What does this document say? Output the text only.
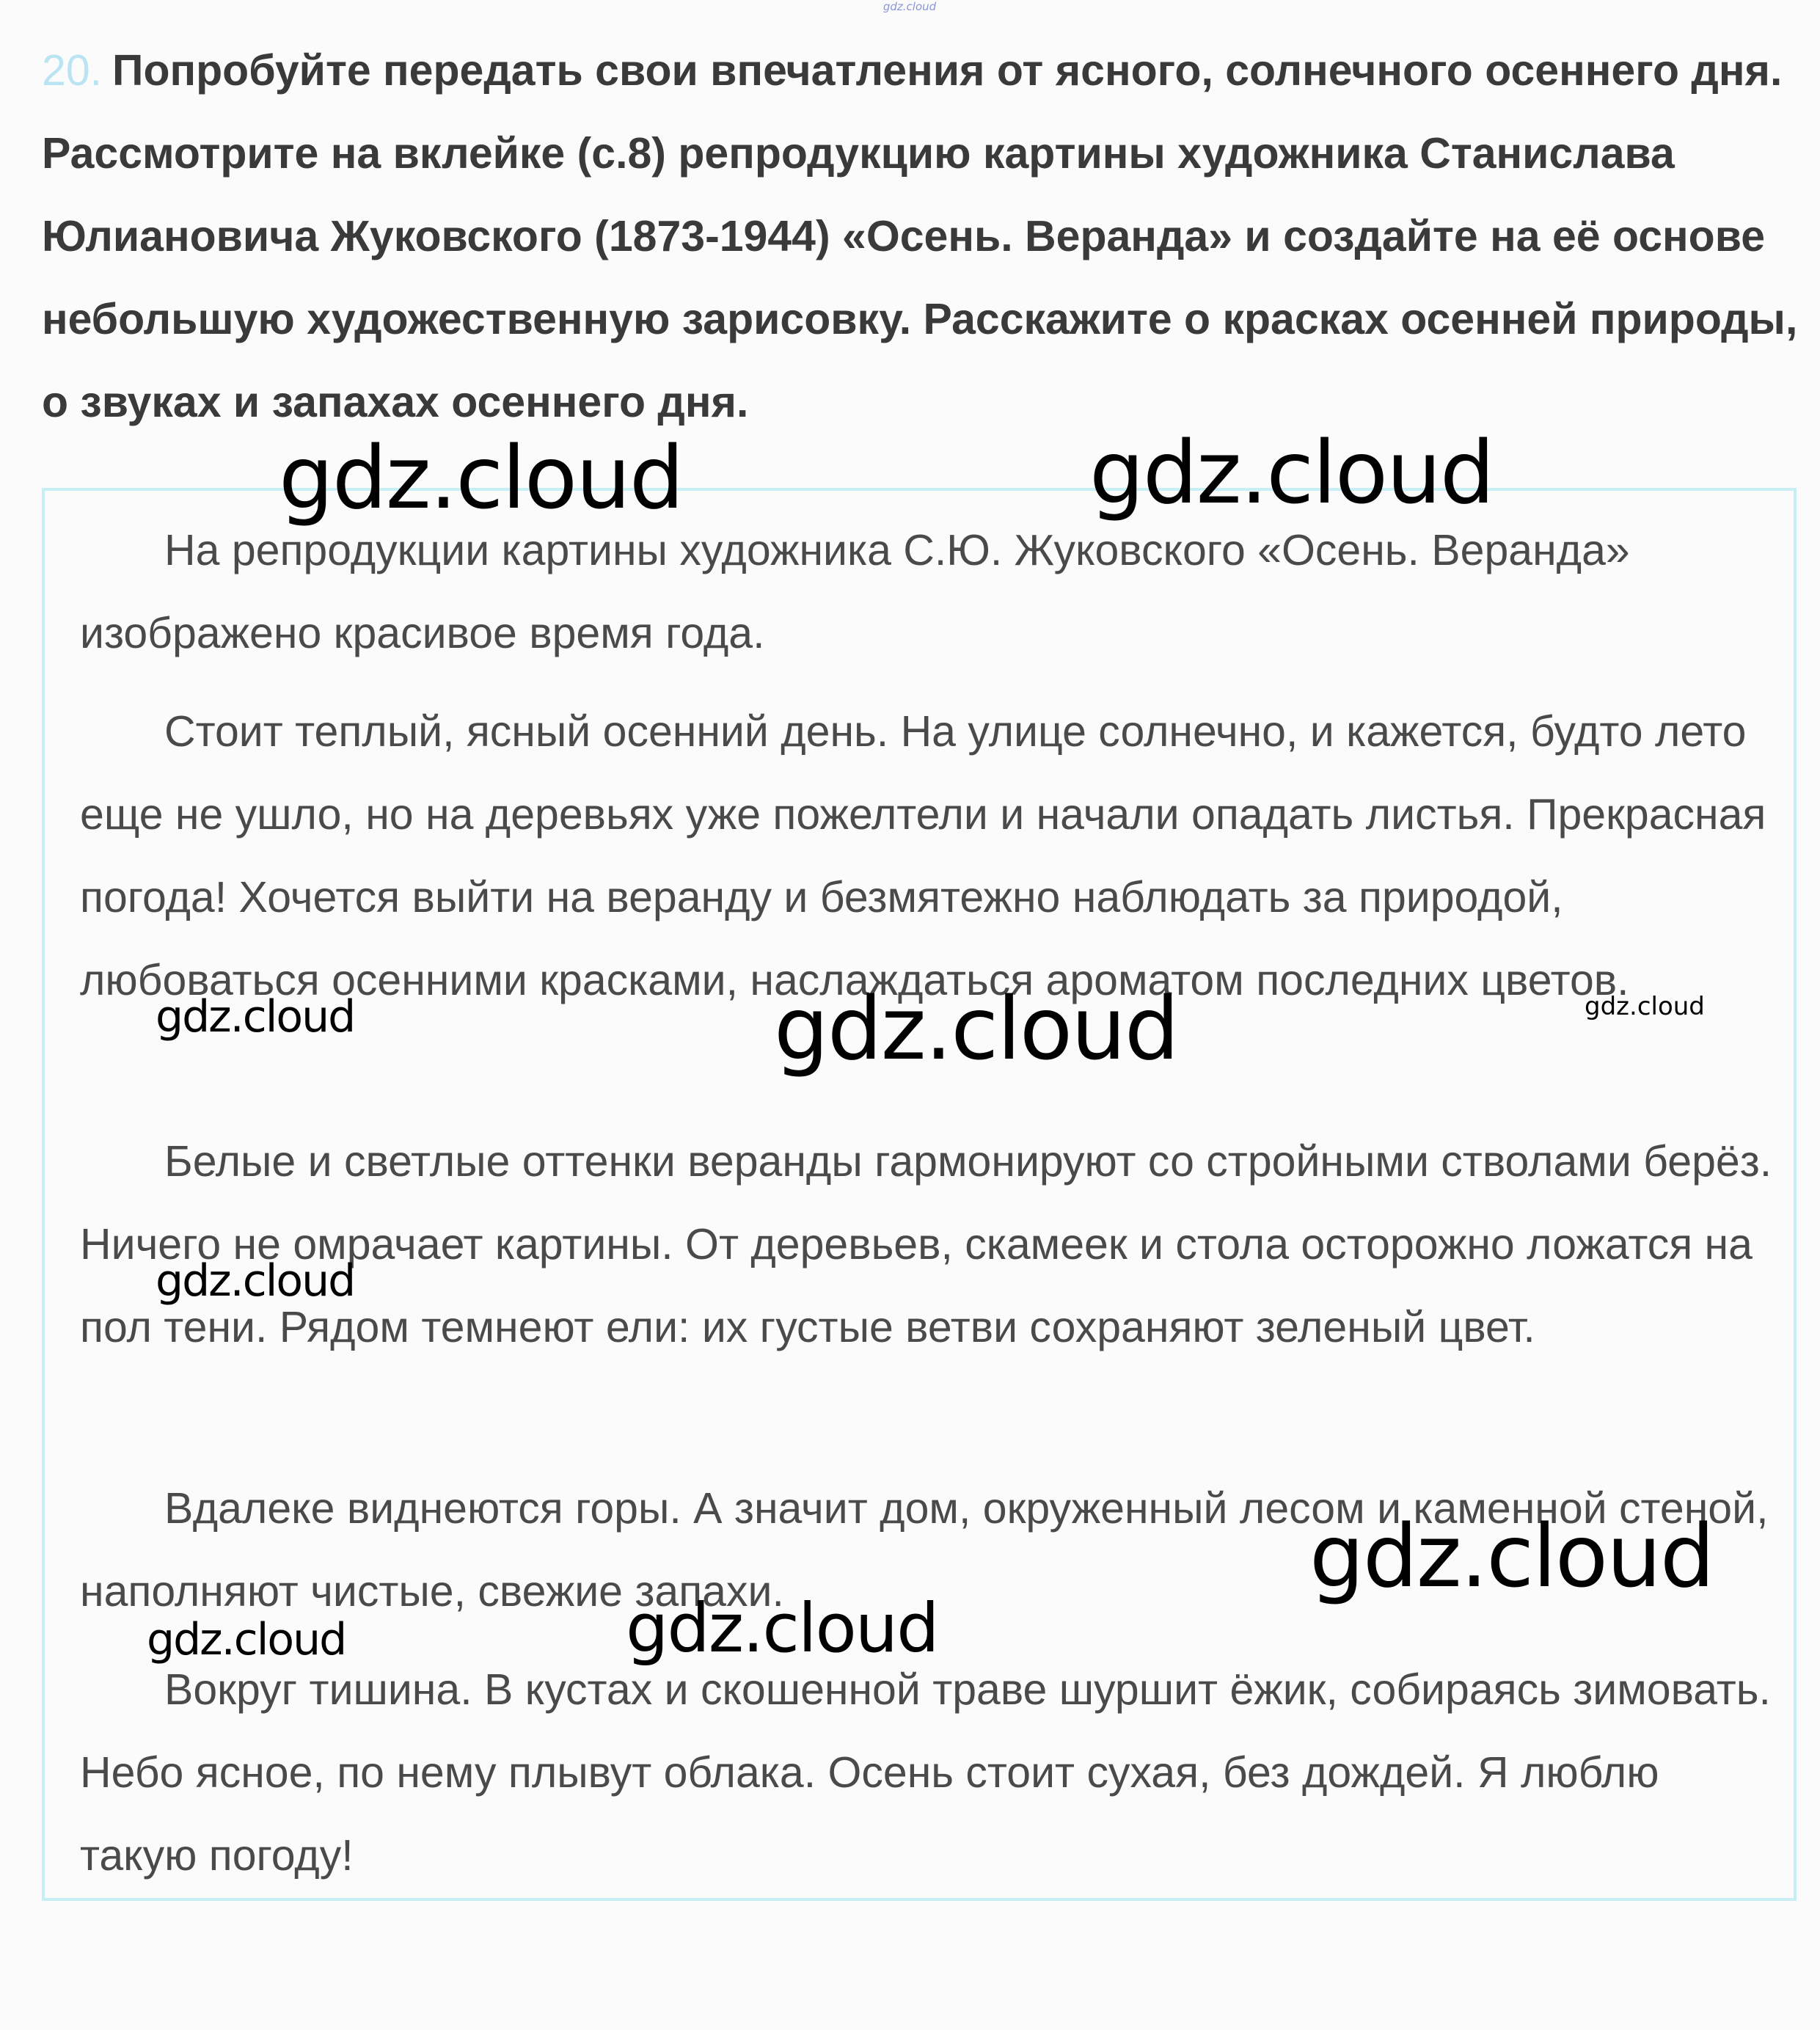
gdz.cloud
20. Попробуйте передать свои впечатления от ясного, солнечного осеннего дня. Рассмотрите на вклейке (с.8) репродукцию картины художника Станислава Юлиановича Жуковского (1873-1944) «Осень. Веранда» и создайте на её основе небольшую художественную зарисовку. Расскажите о красках осенней природы, о звуках и запахах осеннего дня.
На репродукции картины художника С.Ю. Жуковского «Осень. Веранда» изображено красивое время года.
Стоит теплый, ясный осенний день. На улице солнечно, и кажется, будто лето еще не ушло, но на деревьях уже пожелтели и начали опадать листья. Прекрасная погода! Хочется выйти на веранду и безмятежно наблюдать за природой, любоваться осенними красками, наслаждаться ароматом последних цветов.
Белые и светлые оттенки веранды гармонируют со стройными стволами берёз. Ничего не омрачает картины. От деревьев, скамеек и стола осторожно ложатся на пол тени. Рядом темнеют ели: их густые ветви сохраняют зеленый цвет.
Вдалеке виднеются горы. А значит дом, окруженный лесом и каменной стеной, наполняют чистые, свежие запахи.
Вокруг тишина. В кустах и скошенной траве шуршит ёжик, собираясь зимовать. Небо ясное, по нему плывут облака. Осень стоит сухая, без дождей. Я люблю такую погоду!
gdz.cloud	gdz.cloud
gdz.cloud	gdz.cloud	gdz.cloud
gdz.cloud
gdz.cloud
gdz.cloud
gdz.cloud
